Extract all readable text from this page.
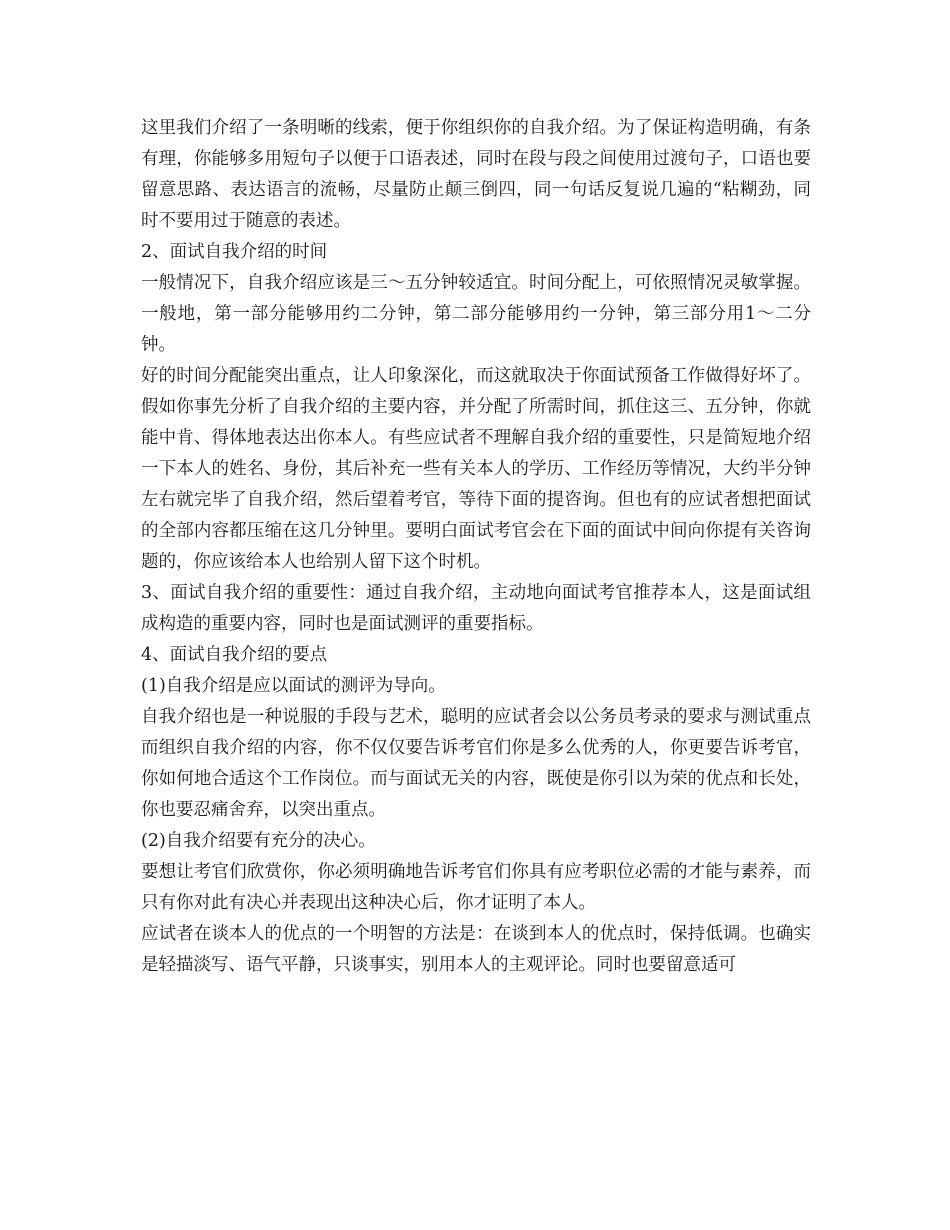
这里我们介绍了一条明晰的线索，便于你组织你的自我介绍。为了保证构造明确，有条有理，你能够多用短句子以便于口语表述，同时在段与段之间使用过渡句子，口语也要留意思路、表达语言的流畅，尽量防止颠三倒四，同一句话反复说几遍的“粘糊劲，同时不要用过于随意的表述。

2、面试自我介绍的时间

一般情况下，自我介绍应该是三～五分钟较适宜。时间分配上，可依照情况灵敏掌握。一般地，第一部分能够用约二分钟，第二部分能够用约一分钟，第三部分用1～二分钟。

好的时间分配能突出重点，让人印象深化，而这就取决于你面试预备工作做得好坏了。假如你事先分析了自我介绍的主要内容，并分配了所需时间，抓住这三、五分钟，你就能中肯、得体地表达出你本人。有些应试者不理解自我介绍的重要性，只是简短地介绍一下本人的姓名、身份，其后补充一些有关本人的学历、工作经历等情况，大约半分钟左右就完毕了自我介绍，然后望着考官，等待下面的提咨询。但也有的应试者想把面试的全部内容都压缩在这几分钟里。要明白面试考官会在下面的面试中间向你提有关咨询题的，你应该给本人也给别人留下这个时机。

3、面试自我介绍的重要性：通过自我介绍，主动地向面试考官推荐本人，这是面试组成构造的重要内容，同时也是面试测评的重要指标。

4、面试自我介绍的要点

(1)自我介绍是应以面试的测评为导向。

自我介绍也是一种说服的手段与艺术，聪明的应试者会以公务员考录的要求与测试重点而组织自我介绍的内容，你不仅仅要告诉考官们你是多么优秀的人，你更要告诉考官，你如何地合适这个工作岗位。而与面试无关的内容，既使是你引以为荣的优点和长处，你也要忍痛舍弃，以突出重点。

(2)自我介绍要有充分的决心。

要想让考官们欣赏你，你必须明确地告诉考官们你具有应考职位必需的才能与素养，而只有你对此有决心并表现出这种决心后，你才证明了本人。

应试者在谈本人的优点的一个明智的方法是：在谈到本人的优点时，保持低调。也确实是轻描淡写、语气平静，只谈事实，别用本人的主观评论。同时也要留意适可
